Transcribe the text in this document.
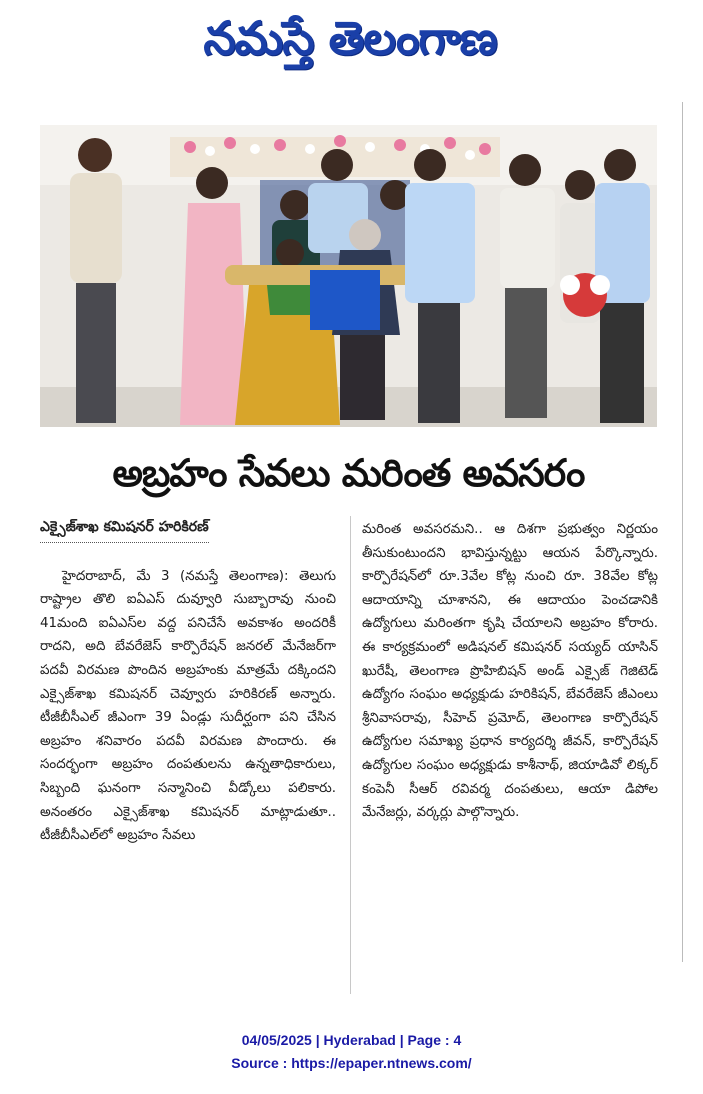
నమస్తే తెలంగాణ
అబ్రహం సేవలు మరింత అవసరం
ఎక్సైజ్‌శాఖ కమిషనర్ హరికిరణ్

హైదరాబాద్, మే 3 (నమస్తే తెలంగాణ): తెలుగు రాష్ట్రాల తొలి ఐఏఎస్ దువ్వూరి సుబ్బారావు నుంచి 41మంది ఐఏఎస్‌ల వద్ద పనిచేసే అవకాశం అందరికీ రాదని, అది బేవరేజెస్ కార్పొరేషన్ జనరల్ మేనేజర్‌గా పదవీ విరమణ పొందిన అబ్రహంకు మాత్రమే దక్కిందని ఎక్సైజ్‌శాఖ కమిషనర్ చెవ్వూరు హరికిరణ్ అన్నారు. టీజీబీసీఎల్ జీఎంగా 39 ఏండ్లు సుదీర్ఘంగా పని చేసిన అబ్రహం శనివారం పదవీ విరమణ పొందారు. ఈ సందర్భంగా అబ్రహం దంపతులను ఉన్నతాధికారులు, సిబ్బంది ఘనంగా సన్మానించి వీడ్కోలు పలికారు. అనంతరం ఎక్సైజ్‌శాఖ కమిషనర్ మాట్లాడుతూ.. టీజీబీసీఎల్‌లో అబ్రహం సేవలు

మరింత అవసరమని.. ఆ దిశగా ప్రభుత్వం నిర్ణయం తీసుకుంటుందని భావిస్తున్నట్టు ఆయన పేర్కొన్నారు. కార్పొరేషన్‌లో రూ.3వేల కోట్ల నుంచి రూ. 38వేల కోట్ల ఆదాయాన్ని చూశానని, ఈ ఆదాయం పెంచడానికి ఉద్యోగులు మరింతగా కృషి చేయాలని అబ్రహం కోరారు. ఈ కార్యక్రమంలో అడిషనల్ కమిషనర్ సయ్యద్ యాసిన్ ఖురేషీ, తెలంగాణ ప్రొహిబిషన్ అండ్ ఎక్సైజ్ గెజిటెడ్ ఉద్యోగం సంఘం అధ్యక్షుడు హరికిషన్, బేవరేజెస్ జీఎంలు శ్రీనివాసరావు, సీహెచ్ ప్రమోద్, తెలంగాణ కార్పొరేషన్ ఉద్యోగుల సమాఖ్య ప్రధాన కార్యదర్శి జీవన్, కార్పొరేషన్ ఉద్యోగుల సంఘం అధ్యక్షుడు కాశీనాథ్, జియాడివో లిక్కర్ కంపెనీ సీఆర్ రవివర్మ దంపతులు, ఆయా డిపోల మేనేజర్లు, వర్కర్లు పాల్గొన్నారు.

04/05/2025 | Hyderabad | Page : 4
Source : https://epaper.ntnews.com/
